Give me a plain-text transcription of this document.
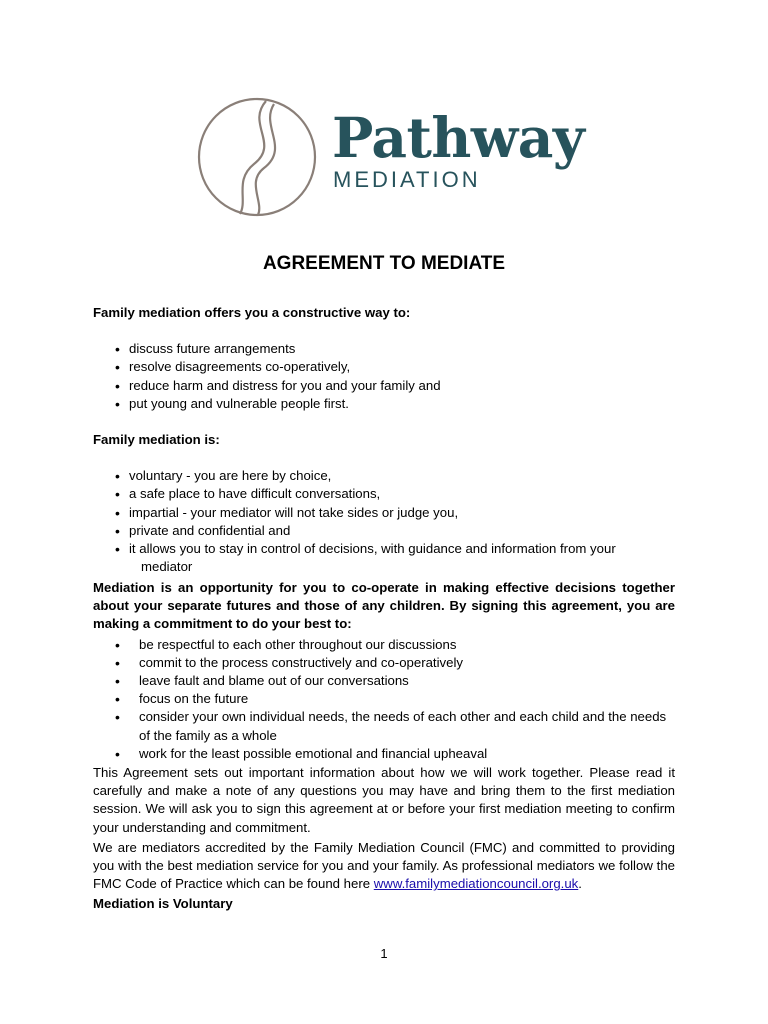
Pathway
MEDIATION
AGREEMENT TO MEDIATE

Family mediation offers you a constructive way to:

• discuss future arrangements
• resolve disagreements co-operatively,
• reduce harm and distress for you and your family and
• put young and vulnerable people first.

Family mediation is:

• voluntary - you are here by choice,
• a safe place to have difficult conversations,
• impartial - your mediator will not take sides or judge you,
• private and confidential and
• it allows you to stay in control of decisions, with guidance and information from your
mediator

Mediation is an opportunity for you to co-operate in making effective decisions together about your separate futures and those of any children. By signing this agreement, you are making a commitment to do your best to:

• be respectful to each other throughout our discussions
• commit to the process constructively and co-operatively
• leave fault and blame out of our conversations
• focus on the future
• consider your own individual needs, the needs of each other and each child and the needs of the family as a whole
• work for the least possible emotional and financial upheaval

This Agreement sets out important information about how we will work together. Please read it carefully and make a note of any questions you may have and bring them to the first mediation session. We will ask you to sign this agreement at or before your first mediation meeting to confirm your understanding and commitment.

We are mediators accredited by the Family Mediation Council (FMC) and committed to providing you with the best mediation service for you and your family. As professional mediators we follow the FMC Code of Practice which can be found here www.familymediationcouncil.org.uk.

Mediation is Voluntary

1
